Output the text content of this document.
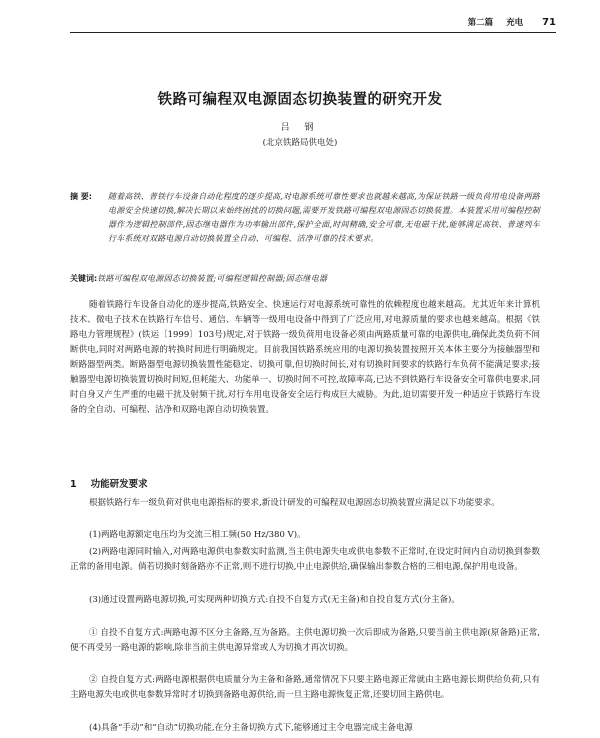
第二篇 充电 71
铁路可编程双电源固态切换装置的研究开发
吕 钢
(北京铁路局供电处)
摘 要:	随着高铁、普铁行车设备自动化程度的逐步提高,对电源系统可靠性要求也就越来越高,为保证铁路一级负荷用电设备两路电源安全快速切换,解决长期以来始终困扰的切换问题,需要开发铁路可编程双电源固态切换装置。本装置采用可编程控制器作为逻辑控制部件,固态继电器作为功率输出部件,保护全面,时间精确,安全可靠,无电磁干扰,能够满足高铁、普速列车行车系统对双路电源自动切换装置全自动、可编程、洁净可靠的技术要求。
关键词:铁路可编程双电源固态切换装置;可编程逻辑控制器;固态继电器

随着铁路行车设备自动化的逐步提高,铁路安全、快速运行对电源系统可靠性的依赖程度也越来越高。尤其近年来计算机技术、微电子技术在铁路行车信号、通信、车辆等一级用电设备中得到了广泛应用,对电源质量的要求也越来越高。根据《铁路电力管理规程》(铁运〔1999〕103号)规定,对于铁路一级负荷用电设备必须由两路质量可靠的电源供电,确保此类负荷不间断供电,同时对两路电源的转换时间进行明确规定。目前我国铁路系统应用的电源切换装置按照开关本体主要分为接触器型和断路器型两类。断路器型电源切换装置性能稳定、切换可靠,但切换时间长,对有切换时间要求的铁路行车负荷不能满足要求;接触器型电源切换装置切换时间短,但耗能大、功能单一、切换时间不可控,故障率高,已达不到铁路行车设备安全可靠供电要求,同时自身又产生严重的电磁干扰及射频干扰,对行车用电设备安全运行构成巨大威胁。为此,迫切需要开发一种适应于铁路行车设备的全自动、可编程、洁净和双路电源自动切换装置。

1 功能研发要求

根据铁路行车一级负荷对供电电源指标的要求,新设计研发的可编程双电源固态切换装置应满足以下功能要求。

(1)两路电源额定电压均为交流三相工频(50 Hz/380 V)。

(2)两路电源同时输入,对两路电源供电参数实时监测,当主供电源失电或供电参数不正常时,在设定时间内自动切换到参数正常的备用电源。倘若切换时刻备路亦不正常,则不进行切换,中止电源供给,确保输出参数合格的三相电源,保护用电设备。

(3)通过设置两路电源切换,可实现两种切换方式:自投不自复方式(无主备)和自投自复方式(分主备)。

① 自投不自复方式:两路电源不区分主备路,互为备路。主供电源切换一次后即成为备路,只要当前主供电源(原备路)正常,便不再受另一路电源的影响,除非当前主供电源异常或人为切换才再次切换。

② 自投自复方式:两路电源根据供电质量分为主备和备路,通常情况下只要主路电源正常就由主路电源长期供给负荷,只有主路电源失电或供电参数异常时才切换到备路电源供给,而一旦主路电源恢复正常,还要切回主路供电。

(4)具备“手动”和“自动”切换功能,在分主备切换方式下,能够通过主令电器完成主备电源
